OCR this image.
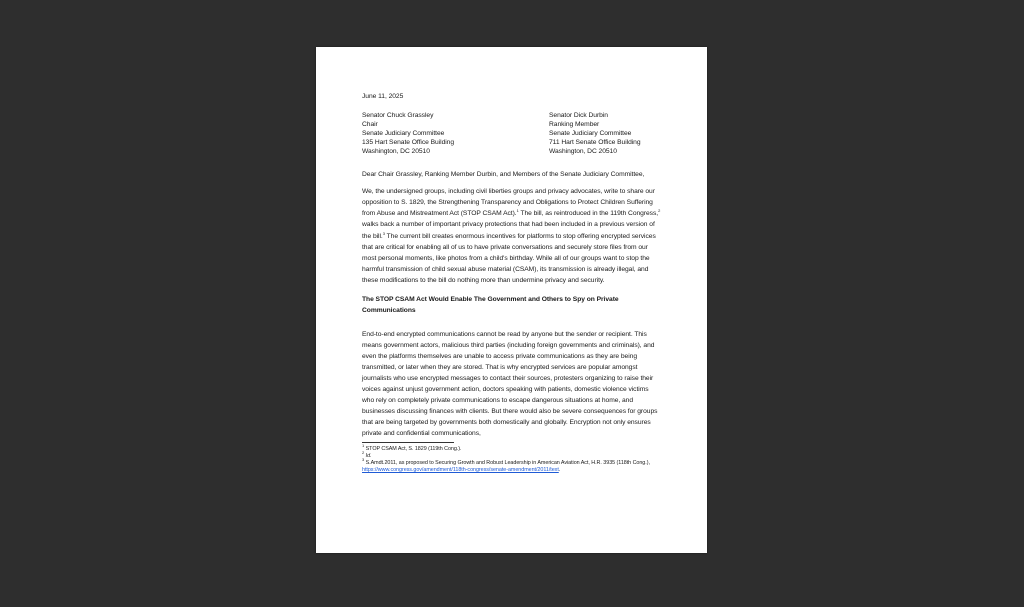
June 11, 2025
Senator Chuck Grassley
Chair
Senate Judiciary Committee
135 Hart Senate Office Building
Washington, DC 20510
Senator Dick Durbin
Ranking Member
Senate Judiciary Committee
711 Hart Senate Office Building
Washington, DC 20510
Dear Chair Grassley, Ranking Member Durbin, and Members of the Senate Judiciary Committee,
We, the undersigned groups, including civil liberties groups and privacy advocates, write to share our opposition to S. 1829, the Strengthening Transparency and Obligations to Protect Children Suffering from Abuse and Mistreatment Act (STOP CSAM Act).$^1$ The bill, as reintroduced in the 119th Congress,$^2$ walks back a number of important privacy protections that had been included in a previous version of the bill.$^3$ The current bill creates enormous incentives for platforms to stop offering encrypted services that are critical for enabling all of us to have private conversations and securely store files from our most personal moments, like photos from a child's birthday. While all of our groups want to stop the harmful transmission of child sexual abuse material (CSAM), its transmission is already illegal, and these modifications to the bill do nothing more than undermine privacy and security.
The STOP CSAM Act Would Enable The Government and Others to Spy on Private Communications
End-to-end encrypted communications cannot be read by anyone but the sender or recipient. This means government actors, malicious third parties (including foreign governments and criminals), and even the platforms themselves are unable to access private communications as they are being transmitted, or later when they are stored. That is why encrypted services are popular amongst journalists who use encrypted messages to contact their sources, protesters organizing to raise their voices against unjust government action, doctors speaking with patients, domestic violence victims who rely on completely private communications to escape dangerous situations at home, and businesses discussing finances with clients. But there would also be severe consequences for groups that are being targeted by governments both domestically and globally. Encryption not only ensures private and confidential communications,
$^1$ STOP CSAM Act, S. 1829 (119th Cong.).
$^2$ Id.
$^3$ S.Amdt.2011, as proposed to Securing Growth and Robust Leadership in American Aviation Act, H.R. 3935 (118th Cong.), https://www.congress.gov/amendment/118th-congress/senate-amendment/2011/text.
